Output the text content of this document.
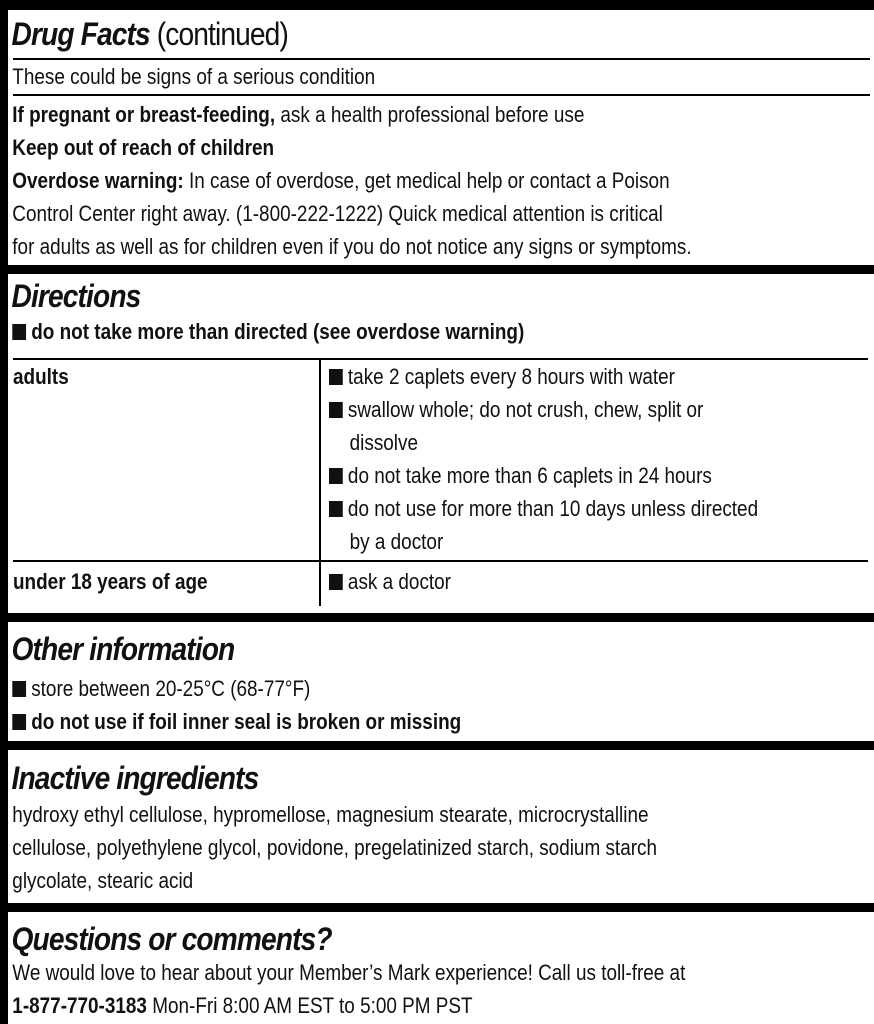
Drug Facts (continued)
These could be signs of a serious condition
If pregnant or breast-feeding, ask a health professional before use
Keep out of reach of children
Overdose warning: In case of overdose, get medical help or contact a Poison
Control Center right away. (1-800-222-1222) Quick medical attention is critical
for adults as well as for children even if you do not notice any signs or symptoms.
Directions
do not take more than directed (see overdose warning)
adults	take 2 caplets every 8 hours with water
swallow whole; do not crush, chew, split or
dissolve
do not take more than 6 caplets in 24 hours
do not use for more than 10 days unless directed
by a doctor
under 18 years of age	ask a doctor
Other information
store between 20-25°C (68-77°F)
do not use if foil inner seal is broken or missing
Inactive ingredients
hydroxy ethyl cellulose, hypromellose, magnesium stearate, microcrystalline
cellulose, polyethylene glycol, povidone, pregelatinized starch, sodium starch
glycolate, stearic acid
Questions or comments?
We would love to hear about your Member’s Mark experience! Call us toll-free at
1-877-770-3183 Mon-Fri 8:00 AM EST to 5:00 PM PST
